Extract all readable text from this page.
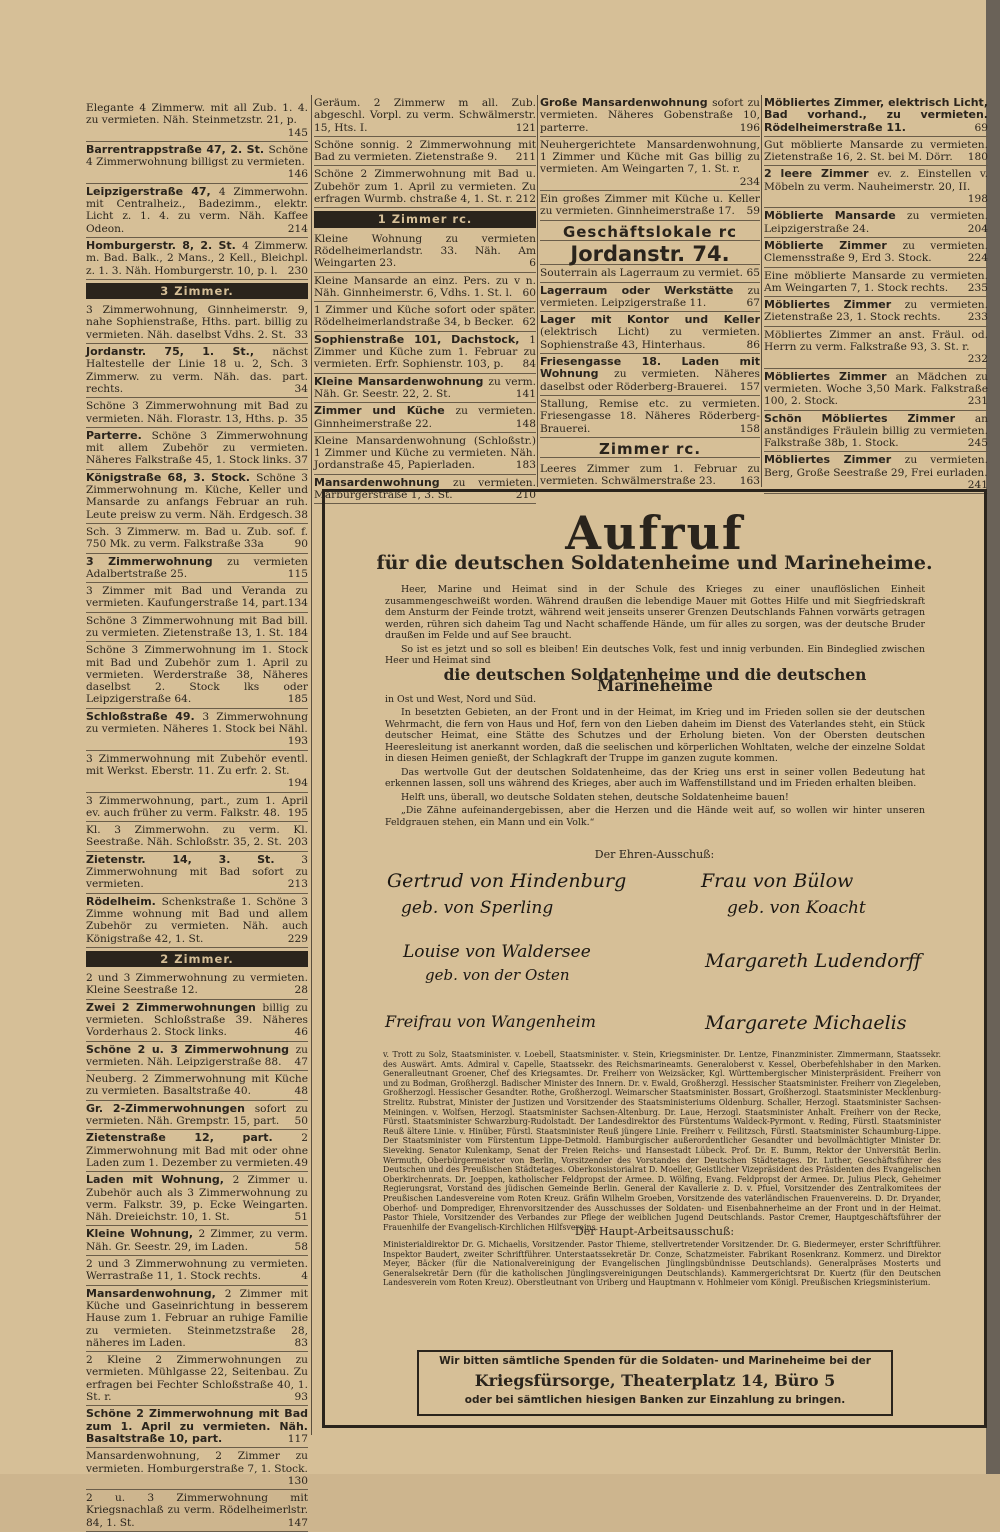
Elegante 4 Zimmerw. mit all Zub. 1. 4. zu vermieten. Näh. Steinmetzstr. 21, p.
145
Barrentrappstraße 47, 2. St. Schöne 4 Zimmerwohnung billigst zu vermieten.
146
Leipzigerstraße 47, 4 Zimmerwohn. mit Centralheiz., Badezimm., elektr. Licht z. 1. 4. zu verm. Näh. Kaffee Odeon.	214
Homburgerstr. 8, 2. St. 4 Zimmerw. m. Bad. Balk., 2 Mans., 2 Kell., Bleichpl. z. 1. 3. Näh. Homburgerstr. 10, p. l. 230
3 Zimmer.
3 Zimmerwohnung, Ginnheimerstr. 9, nahe Sophienstraße, Hths. part. billig zu vermieten. Näh. daselbst Vdhs. 2. St. 33
Jordanstr. 75, 1. St., nächst Haltestelle der Linie 18 u. 2, Sch. 3 Zimmerw. zu verm. Näh. das. part. rechts.	34
Schöne 3 Zimmerwohnung mit Bad zu vermieten. Näh. Florastr. 13, Hths. p. 35
Parterre. Schöne 3 Zimmerwohnung mit allem Zubehör zu vermieten. Näheres Falkstraße 45, 1. Stock links. 37
Königstraße 68, 3. Stock. Schöne 3 Zimmerwohnung m. Küche, Keller und Mansarde zu anfangs Februar an ruh. Leute preisw zu verm. Näh. Erdgesch. 38
Sch. 3 Zimmerw. m. Bad u. Zub. sof. f. 750 Mk. zu verm. Falkstraße 33a	90
3 Zimmerwohnung zu vermieten Adalbertstraße 25.	115
3 Zimmer mit Bad und Veranda zu vermieten. Kaufungerstraße 14, part. 134
Schöne 3 Zimmerwohnung mit Bad bill. zu vermieten. Zietenstraße 13, 1. St. 184
Schöne 3 Zimmerwohnung im 1. Stock mit Bad und Zubehör zum 1. April zu vermieten. Werderstraße 38, Näheres daselbst 2. Stock lks oder Leipzigerstraße 64.	185
Schloßstraße 49. 3 Zimmerwohnung zu vermieten. Näheres 1. Stock bei Nähl.
193
3 Zimmerwohnung mit Zubehör eventl. mit Werkst. Eberstr. 11. Zu erfr. 2. St.
194
3 Zimmerwohnung, part., zum 1. April ev. auch früher zu verm. Falkstr. 48. 195
Kl. 3 Zimmerwohn. zu verm. Kl. Seestraße. Näh. Schloßstr. 35, 2. St. 203
Zietenstr. 14, 3. St. 3 Zimmerwohnung mit Bad sofort zu vermieten.	213
Rödelheim. Schenkstraße 1. Schöne 3 Zimme wohnung mit Bad und allem Zubehör zu vermieten. Näh. auch Königstraße 42, 1. St.	229
2 Zimmer.
2 und 3 Zimmerwohnung zu vermieten. Kleine Seestraße 12.	28
Zwei 2 Zimmerwohnungen billig zu vermieten. Schloßstraße 39. Näheres Vorderhaus 2. Stock links.	46
Schöne 2 u. 3 Zimmerwohnung zu vermieten. Näh. Leipzigerstraße 88. 47
Neuberg. 2 Zimmerwohnung mit Küche zu vermieten. Basaltstraße 40.	48
Gr. 2-Zimmerwohnungen sofort zu vermieten. Näh. Grempstr. 15, part. 50
Zietenstraße 12, part. 2 Zimmerwohnung mit Bad mit oder ohne Laden zum 1. Dezember zu vermieten. 49
Laden mit Wohnung, 2 Zimmer u. Zubehör auch als 3 Zimmerwohnung zu verm. Falkstr. 39, p. Ecke Weingarten. Näh. Dreieichstr. 10, 1. St.	51
Kleine Wohnung, 2 Zimmer, zu verm. Näh. Gr. Seestr. 29, im Laden.	58
2 und 3 Zimmerwohnung zu vermieten. Werrastraße 11, 1. Stock rechts.	4
Mansardenwohnung, 2 Zimmer mit Küche und Gaseinrichtung in besserem Hause zum 1. Februar an ruhige Familie zu vermieten. Steinmetzstraße 28, näheres im Laden.	83
2 Kleine 2 Zimmerwohnungen zu vermieten. Mühlgasse 22, Seitenbau. Zu erfragen bei Fechter Schloßstraße 40, 1. St. r.	93
Schöne 2 Zimmerwohnung mit Bad zum 1. April zu vermieten. Näh. Basaltstraße 10, part.	117
Mansardenwohnung, 2 Zimmer zu vermieten. Homburgerstraße 7, 1. Stock.
130
2 u. 3 Zimmerwohnung mit Kriegsnachlaß zu verm. Rödelheimerlstr. 84, 1. St.	147
Geräum. 2 Zimmerw m all. Zub. abgeschl. Vorpl. zu verm. Schwälmerstr. 15, Hts. I.	121
Schöne sonnig. 2 Zimmerwohnung mit Bad zu vermieten. Zietenstraße 9. 211
Schöne 2 Zimmerwohnung mit Bad u. Zubehör zum 1. April zu vermieten. Zu erfragen Wurmb. chstraße 4, 1. St. r. 212
1 Zimmer rc.
Kleine Wohnung zu vermieten Rödelheimerlandstr. 33. Näh. Am Weingarten 23.	6
Kleine Mansarde an einz. Pers. zu v n. Näh. Ginnheimerstr. 6, Vdhs. 1. St. l. 60
1 Zimmer und Küche sofort oder später. Rödelheimerlandstraße 34, b Becker. 62
Sophienstraße 101, Dachstock, 1 Zimmer und Küche zum 1. Februar zu vermieten. Erfr. Sophienstr. 103, p. 84
Kleine Mansardenwohnung zu verm. Näh. Gr. Seestr. 22, 2. St.	141
Zimmer und Küche zu vermieten. Ginnheimerstraße 22.	148
Kleine Mansardenwohnung (Schloßstr.) 1 Zimmer und Küche zu vermieten. Näh. Jordanstraße 45, Papierladen.	183
Mansardenwohnung zu vermieten. Marburgerstraße 1, 3. St.	210
Große Mansardenwohnung sofort zu vermieten. Näheres Gobenstraße 10, parterre.	196
Neuhergerichtete Mansardenwohnung, 1 Zimmer und Küche mit Gas billig zu vermieten. Am Weingarten 7, 1. St. r.
234
Ein großes Zimmer mit Küche u. Keller zu vermieten. Ginnheimerstraße 17. 59
Geschäftslokale rc
Jordanstr. 74.
Souterrain als Lagerraum zu vermiet. 65
Lagerraum oder Werkstätte zu vermieten. Leipzigerstraße 11.	67
Lager mit Kontor und Keller (elektrisch Licht) zu vermieten. Sophienstraße 43, Hinterhaus.	86
Friesengasse 18. Laden mit Wohnung zu vermieten. Näheres daselbst oder Röderberg-Brauerei. 157
Stallung, Remise etc. zu vermieten. Friesengasse 18. Näheres Röderberg-Brauerei.	158
Zimmer rc.
Leeres Zimmer zum 1. Februar zu vermieten. Schwälmerstraße 23. 163
Möbliertes Zimmer, elektrisch Licht, Bad vorhand., zu vermieten. Rödelheimerstraße 11.	69
Gut möblierte Mansarde zu vermieten. Zietenstraße 16, 2. St. bei M. Dörr. 180
2 leere Zimmer ev. z. Einstellen v. Möbeln zu verm. Nauheimerstr. 20, II.
198
Möblierte Mansarde zu vermieten. Leipzigerstraße 24.	204
Möblierte Zimmer zu vermieten. Clemensstraße 9, Erd 3. Stock.	224
Eine möblierte Mansarde zu vermieten. Am Weingarten 7, 1. Stock rechts. 235
Möbliertes Zimmer zu vermieten. Zietenstraße 23, 1. Stock rechts.	233
Möbliertes Zimmer an anst. Fräul. od. Herrn zu verm. Falkstraße 93, 3. St. r.
232
Möbliertes Zimmer an Mädchen zu vermieten. Woche 3,50 Mark. Falkstraße 100, 2. Stock.	231
Schön Möbliertes Zimmer an anständiges Fräulein billig zu vermieten. Falkstraße 38b, 1. Stock.	245
Möbliertes Zimmer zu vermieten. Berg, Große Seestraße 29, Frei eurladen.
241
Aufruf
für die deutschen Soldatenheime und Marineheime.

Heer, Marine und Heimat sind in der Schule des Krieges zu einer unauflöslichen Einheit zusammengeschweißt worden. Während draußen die lebendige Mauer mit Gottes Hilfe und mit Siegfriedskraft dem Ansturm der Feinde trotzt, während weit jenseits unserer Grenzen Deutschlands Fahnen vorwärts getragen werden, rühren sich daheim Tag und Nacht schaffende Hände, um für alles zu sorgen, was der deutsche Bruder draußen im Felde und auf See braucht.

So ist es jetzt und so soll es bleiben! Ein deutsches Volk, fest und innig verbunden. Ein Bindeglied zwischen Heer und Heimat sind

die deutschen Soldatenheime und die deutschen Marineheime

in Ost und West, Nord und Süd.

In besetzten Gebieten, an der Front und in der Heimat, im Krieg und im Frieden sollen sie der deutschen Wehrmacht, die fern von Haus und Hof, fern von den Lieben daheim im Dienst des Vaterlandes steht, ein Stück deutscher Heimat, eine Stätte des Schutzes und der Erholung bieten. Von der Obersten deutschen Heeresleitung ist anerkannt worden, daß die seelischen und körperlichen Wohltaten, welche der einzelne Soldat in diesen Heimen genießt, der Schlagkraft der Truppe im ganzen zugute kommen.

Das wertvolle Gut der deutschen Soldatenheime, das der Krieg uns erst in seiner vollen Bedeutung hat erkennen lassen, soll uns während des Krieges, aber auch im Waffenstillstand und im Frieden erhalten bleiben.

Helft uns, überall, wo deutsche Soldaten stehen, deutsche Soldatenheime bauen!

„Die Zähne aufeinandergebissen, aber die Herzen und die Hände weit auf, so wollen wir hinter unseren Feldgrauen stehen, ein Mann und ein Volk.“

Der Ehren-Ausschuß:
Gertrud von Hindenburg
geb. von Sperling
Frau von Bülow
geb. von Koacht
Louise von Waldersee
geb. von der Osten
Margareth Ludendorff
Freifrau von Wangenheim	Margarete Michaelis
v. Trott zu Solz, Staatsminister. v. Loebell, Staatsminister. v. Stein, Kriegsminister. Dr. Lentze, Finanzminister. Zimmermann, Staatssekr. des Auswärt. Amts. Admiral v. Capelle, Staatssekr. des Reichsmarineamts. Generaloberst v. Kessel, Oberbefehlshaber in den Marken. Generalleutnant Groener, Chef des Kriegsamtes. Dr. Freiherr von Weizsäcker, Kgl. Württembergischer Ministerpräsident. Freiherr von und zu Bodman, Großherzgl. Badischer Minister des Innern. Dr. v. Ewald, Großherzgl. Hessischer Staatsminister. Freiherr von Ziegeleben, Großherzogl. Hessischer Gesandter. Rothe, Großherzogl. Weimarscher Staatsminister. Bossart, Großherzogl. Staatsminister Mecklenburg-Strelitz. Rubstrat, Minister der Justizen und Vorsitzender des Staatsministeriums Oldenburg. Schaller, Herzogl. Staatsminister Sachsen-Meiningen. v. Wolfsen, Herzogl. Staatsminister Sachsen-Altenburg. Dr. Laue, Herzogl. Staatsminister Anhalt. Freiherr von der Recke, Fürstl. Staatsminister Schwarzburg-Rudolstadt. Der Landesdirektor des Fürstentums Waldeck-Pyrmont. v. Reding, Fürstl. Staatsminister Reuß ältere Linie. v. Hinüber, Fürstl. Staatsminister Reuß jüngere Linie. Freiherr v. Feilitzsch, Fürstl. Staatsminister Schaumburg-Lippe. Der Staatsminister vom Fürstentum Lippe-Detmold. Hamburgischer außerordentlicher Gesandter und bevollmächtigter Minister Dr. Sieveking. Senator Kulenkamp, Senat der Freien Reichs- und Hansestadt Lübeck. Prof. Dr. E. Bumm, Rektor der Universität Berlin. Wermuth, Oberbürgermeister von Berlin, Vorsitzender des Vorstandes der Deutschen Städtetages. Dr. Luther, Geschäftsführer des Deutschen und des Preußischen Städtetages. Oberkonsistorialrat D. Moeller, Geistlicher Vizepräsident des Präsidenten des Evangelischen Oberkirchenrats. Dr. Joeppen, katholischer Feldpropst der Armee. D. Wölfing, Evang. Feldpropst der Armee. Dr. Julius Pleck, Geheimer Regierungsrat, Vorstand des jüdischen Gemeinde Berlin. General der Kavallerie z. D. v. Pfuel, Vorsitzender des Zentralkomitees der Preußischen Landesvereine vom Roten Kreuz. Gräfin Wilhelm Groeben, Vorsitzende des vaterländischen Frauenvereins. D. Dr. Dryander, Oberhof- und Domprediger, Ehrenvorsitzender des Ausschusses der Soldaten- und Eisenbahnerheime an der Front und in der Heimat. Pastor Thiele, Vorsitzender des Verbandes zur Pflege der weiblichen Jugend Deutschlands. Pastor Cremer, Hauptgeschäftsführer der Frauenhilfe der Evangelisch-Kirchlichen Hilfsvereins.
Der Haupt-Arbeitsausschuß:
Ministerialdirektor Dr. G. Michaelis, Vorsitzender. Pastor Thieme, stellvertretender Vorsitzender. Dr. G. Biedermeyer, erster Schriftführer. Inspektor Baudert, zweiter Schriftführer. Unterstaatssekretär Dr. Conze, Schatzmeister. Fabrikant Rosenkranz. Kommerz. und Direktor Meyer, Bäcker (für die Nationalvereinigung der Evangelischen Jünglingsbündnisse Deutschlands). Generalpräses Mosterts und Generalsekretär Dern (für die katholischen Jünglingsvereinigungen Deutschlands). Kammergerichtsrat Dr. Kuertz (für den Deutschen Landesverein vom Roten Kreuz). Oberstleutnant von Uriberg und Hauptmann v. Hohlmeier vom Königl. Preußischen Kriegsministerium.
Wir bitten sämtliche Spenden für die Soldaten- und Marineheime bei der
Kriegsfürsorge, Theaterplatz 14, Büro 5
oder bei sämtlichen hiesigen Banken zur Einzahlung zu bringen.
